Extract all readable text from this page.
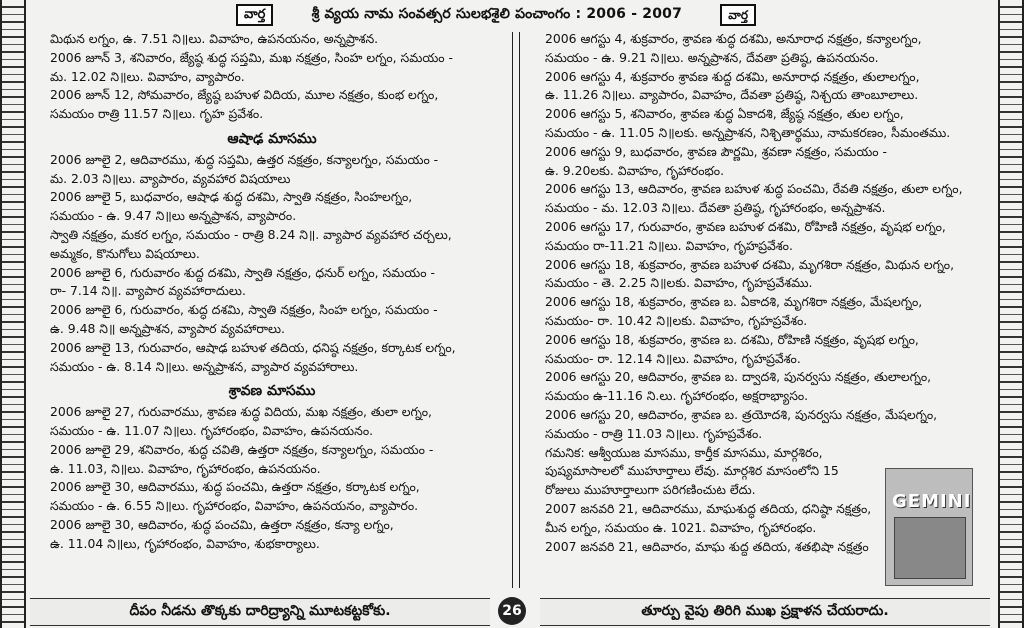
వార్త	శ్రీ వ్యయ నామ సంవత్సర సులభశైలి పంచాంగం : 2006 - 2007	వార్త
మిథున లగ్నం, ఉ. 7.51 ని॥లు. వివాహం, ఉపనయనం, అన్నప్రాశన.
2006 జూన్ 3, శనివారం, జ్యేష్ఠ శుద్ధ సప్తమి, మఖ నక్షత్రం, సింహ లగ్నం, సమయం -
మ. 12.02 ని॥లు. వివాహం, వ్యాపారం.
2006 జూన్ 12, సోమవారం, జ్యేష్ఠ బహుళ విదియ, మూల నక్షత్రం, కుంభ లగ్నం,
సమయం రాత్రి 11.57 ని॥లు. గృహ ప్రవేశం.
ఆషాఢ మాసము
2006 జూలై 2, ఆదివారము, శుద్ధ సప్తమి, ఉత్తర నక్షత్రం, కన్యాలగ్నం, సమయం -
మ. 2.03 ని॥లు. వ్యాపారం, వ్యవహార విషయాలు
2006 జూలై 5, బుధవారం, ఆషాఢ శుద్ధ దశమి, స్వాతి నక్షత్రం, సింహలగ్నం,
సమయం - ఉ. 9.47 ని॥లు అన్నప్రాశన, వ్యాపారం.
స్వాతి నక్షత్రం, మకర లగ్నం, సమయం - రాత్రి 8.24 ని॥. వ్యాపార వ్యవహార చర్చలు,
అమ్మకం, కొనుగోలు విషయాలు.
2006 జూలై 6, గురువారం శుద్ధ దశమి, స్వాతి నక్షత్రం, ధనుర్ లగ్నం, సమయం -
రా- 7.14 ని॥. వ్యాపార వ్యవహారాదులు.
2006 జూలై 6, గురువారం, శుద్ధ దశమి, స్వాతి నక్షత్రం, సింహ లగ్నం, సమయం -
ఉ. 9.48 ని॥ అన్నప్రాశన, వ్యాపార వ్యవహారాలు.
2006 జూలై 13, గురువారం, ఆషాఢ బహుళ తదియ, ధనిష్ఠ నక్షత్రం, కర్కాటక లగ్నం,
సమయం - ఉ. 8.14 ని॥లు. అన్నప్రాశన, వ్యాపార వ్యవహారాలు.
శ్రావణ మాసము
2006 జూలై 27, గురువారము, శ్రావణ శుద్ధ విదియ, మఖ నక్షత్రం, తులా లగ్నం,
సమయం - ఉ. 11.07 ని॥లు. గృహారంభం, వివాహం, ఉపనయనం.
2006 జూలై 29, శనివారం, శుద్ధ చవితి, ఉత్తరా నక్షత్రం, కన్యాలగ్నం, సమయం -
ఉ. 11.03, ని॥లు. వివాహం, గృహారంభం, ఉపనయనం.
2006 జూలై 30, ఆదివారము, శుద్ధ పంచమి, ఉత్తరా నక్షత్రం, కర్కాటక లగ్నం,
సమయం - ఉ. 6.55 ని॥లు. గృహారంభం, వివాహం, ఉపనయనం, వ్యాపారం.
2006 జూలై 30, ఆదివారం, శుద్ధ పంచమి, ఉత్తరా నక్షత్రం, కన్యా లగ్నం,
ఉ. 11.04 ని॥లు, గృహారంభం, వివాహం, శుభకార్యాలు.
2006 ఆగస్టు 4, శుక్రవారం, శ్రావణ శుద్ధ దశమి, అనూరాధ నక్షత్రం, కన్యాలగ్నం,
సమయం - ఉ. 9.21 ని॥లు. అన్నప్రాశన, దేవతా ప్రతిష్ఠ, ఉపనయనం.
2006 ఆగస్టు 4, శుక్రవారం శ్రావణ శుద్ధ దశమి, అనూరాధ నక్షత్రం, తులాలగ్నం,
ఉ. 11.26 ని॥లు. వ్యాపారం, వివాహం, దేవతా ప్రతిష్ఠ, నిశ్చయ తాంబూలాలు.
2006 ఆగస్టు 5, శనివారం, శ్రావణ శుద్ధ ఏకాదశి, జ్యేష్ఠ నక్షత్రం, తుల లగ్నం,
సమయం - ఉ. 11.05 ని॥లకు. అన్నప్రాశన, నిశ్చితార్థము, నామకరణం, సీమంతము.
2006 ఆగస్టు 9, బుధవారం, శ్రావణ పౌర్ణమి, శ్రవణా నక్షత్రం, సమయం -
ఉ. 9.20లకు. వివాహం, గృహారంభం.
2006 ఆగస్టు 13, ఆదివారం, శ్రావణ బహుళ శుద్ధ పంచమి, రేవతి నక్షత్రం, తులా లగ్నం,
సమయం - మ. 12.03 ని॥లు. దేవతా ప్రతిష్ఠ, గృహారంభం, అన్నప్రాశన.
2006 ఆగస్టు 17, గురువారం, శ్రావణ బహుళ దశమి, రోహిణి నక్షత్రం, వృషభ లగ్నం,
సమయం రా-11.21 ని॥లు. వివాహం, గృహప్రవేశం.
2006 ఆగస్టు 18, శుక్రవారం, శ్రావణ బహుళ దశమి, మృగశిరా నక్షత్రం, మిథున లగ్నం,
సమయం - తె. 2.25 ని॥లకు. వివాహం, గృహప్రవేశము.
2006 ఆగస్టు 18, శుక్రవారం, శ్రావణ బ. ఏకాదశి, మృగశిరా నక్షత్రం, మేషలగ్నం,
సమయం- రా. 10.42 ని॥లకు. వివాహం, గృహప్రవేశం.
2006 ఆగస్టు 18, శుక్రవారం, శ్రావణ బ. దశమి, రోహిణి నక్షత్రం, వృషభ లగ్నం,
సమయం- రా. 12.14 ని॥లు. వివాహం, గృహప్రవేశం.
2006 ఆగస్టు 20, ఆదివారం, శ్రావణ బ. ద్వాదశి, పునర్వసు నక్షత్రం, తులాలగ్నం,
సమయం ఉ-11.16 ని.లు. గృహారంభం, అక్షరాభ్యాసం.
2006 ఆగస్టు 20, ఆదివారం, శ్రావణ బ. త్రయోదశి, పునర్వసు నక్షత్రం, మేషలగ్నం,
సమయం - రాత్రి 11.03 ని॥లు. గృహప్రవేశం.
గమనిక: ఆశ్వీయుజ మాసము, కార్తీక మాసము, మార్గశిరం,
పుష్యమాసాలలో ముహూర్తాలు లేవు. మార్గశిర మాసంలోని 15
రోజులు ముహూర్తాలుగా పరిగణించుట లేదు.
2007 జనవరి 21, ఆదివారము, మాఘశుద్ధ తదియ, ధనిష్ఠా నక్షత్రం,
మీన లగ్నం, సమయం ఉ. 1021. వివాహం, గృహారంభం.
2007 జనవరి 21, ఆదివారం, మాఘ శుద్ధ తదియ, శతభిషా నక్షత్రం
GEMINI
దీపం నీడను తొక్కకు దారిద్ర్యాన్ని మూటకట్టకోకు.	26	తూర్పు వైపు తిరిగి ముఖ ప్రక్షాళన చేయరాదు.
